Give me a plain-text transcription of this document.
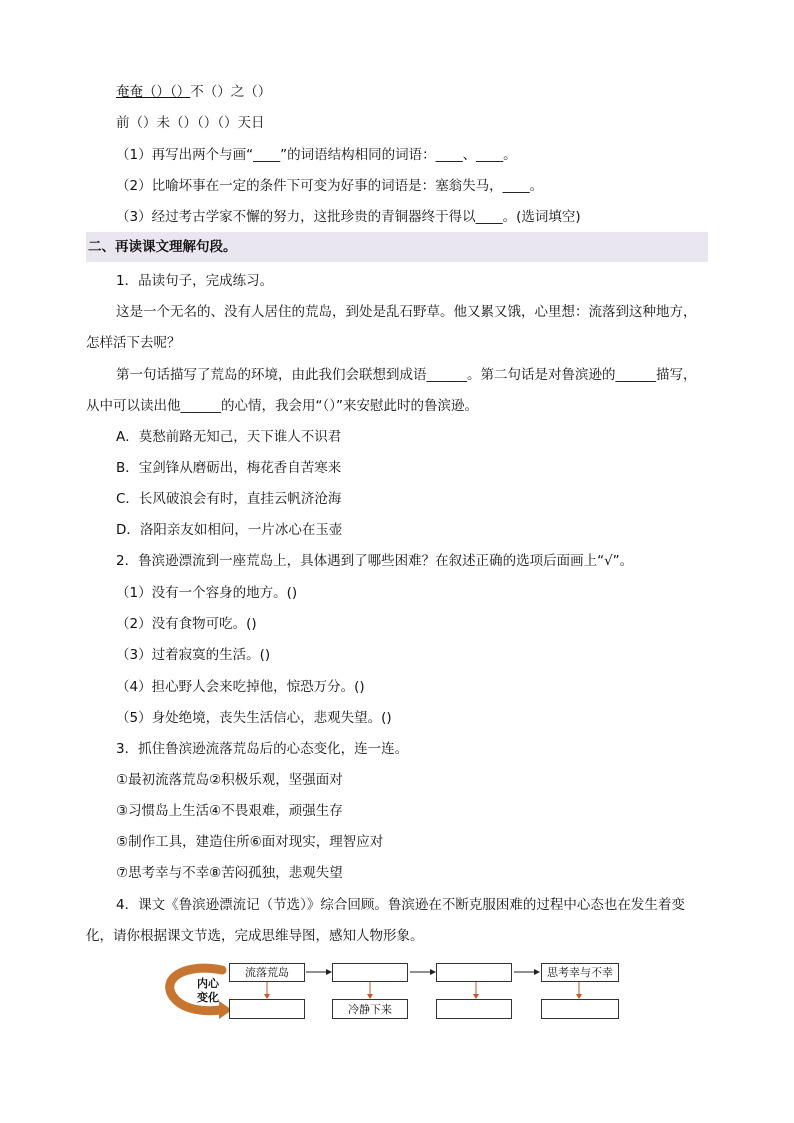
奄奄（）（）不（）之（）
前（）未（）（）（）天日
（1）再写出两个与画“____”的词语结构相同的词语：____、____。
（2）比喻坏事在一定的条件下可变为好事的词语是：塞翁失马，____。
（3）经过考古学家不懈的努力，这批珍贵的青铜器终于得以____。(选词填空)
二、再读课文理解句段。
1．品读句子，完成练习。
这是一个无名的、没有人居住的荒岛，到处是乱石野草。他又累又饿，心里想：流落到这种地方，
怎样活下去呢？
第一句话描写了荒岛的环境，由此我们会联想到成语______。第二句话是对鲁滨逊的______描写，
从中可以读出他______的心情，我会用“（）”来安慰此时的鲁滨逊。
A．莫愁前路无知己，天下谁人不识君
B．宝剑锋从磨砺出，梅花香自苦寒来
C．长风破浪会有时，直挂云帆济沧海
D．洛阳亲友如相问，一片冰心在玉壶
2．鲁滨逊漂流到一座荒岛上，具体遇到了哪些困难？在叙述正确的选项后面画上“√”。
（1）没有一个容身的地方。()
（2）没有食物可吃。()
（3）过着寂寞的生活。()
（4）担心野人会来吃掉他，惊恐万分。()
（5）身处绝境，丧失生活信心，悲观失望。()
3．抓住鲁滨逊流落荒岛后的心态变化，连一连。
①最初流落荒岛②积极乐观，坚强面对
③习惯岛上生活④不畏艰难，顽强生存
⑤制作工具，建造住所⑥面对现实，理智应对
⑦思考幸与不幸⑧苦闷孤独，悲观失望
4．课文《鲁滨逊漂流记（节选）》综合回顾。鲁滨逊在不断克服困难的过程中心态也在发生着变
化，请你根据课文节选，完成思维导图，感知人物形象。
内心
变化
流落荒岛	思考幸与不幸
冷静下来
